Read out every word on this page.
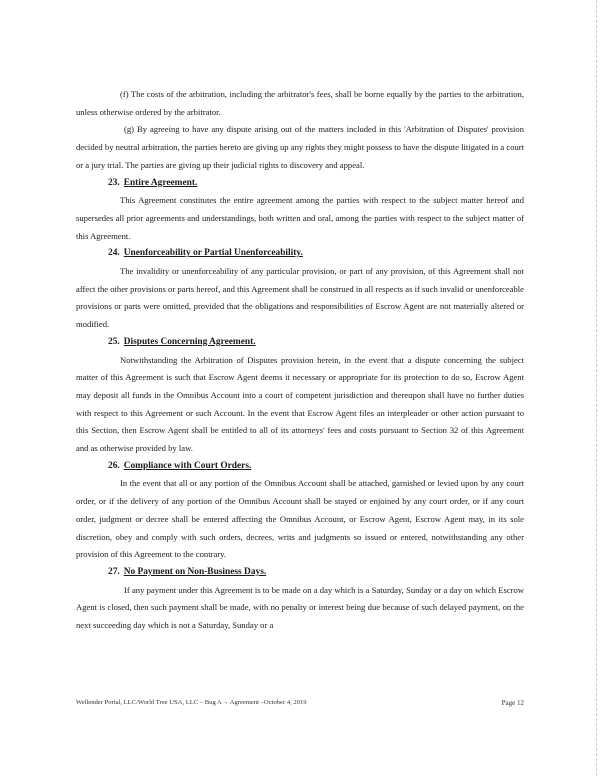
(f) The costs of the arbitration, including the arbitrator's fees, shall be borne equally by the parties to the arbitration, unless otherwise ordered by the arbitrator.

(g) By agreeing to have any dispute arising out of the matters included in this 'Arbitration of Disputes' provision decided by neutral arbitration, the parties hereto are giving up any rights they might possess to have the dispute litigated in a court or a jury trial. The parties are giving up their judicial rights to discovery and appeal.

23. Entire Agreement.

This Agreement constitutes the entire agreement among the parties with respect to the subject matter hereof and supersedes all prior agreements and understandings, both written and oral, among the parties with respect to the subject matter of this Agreement.

24. Unenforceability or Partial Unenforceability.

The invalidity or unenforceability of any particular provision, or part of any provision, of this Agreement shall not affect the other provisions or parts hereof, and this Agreement shall be construed in all respects as if such invalid or unenforceable provisions or parts were omitted, provided that the obligations and responsibilities of Escrow Agent are not materially altered or modified.

25. Disputes Concerning Agreement.

Notwithstanding the Arbitration of Disputes provision herein, in the event that a dispute concerning the subject matter of this Agreement is such that Escrow Agent deems it necessary or appropriate for its protection to do so, Escrow Agent may deposit all funds in the Omnibus Account into a court of competent jurisdiction and thereupon shall have no further duties with respect to this Agreement or such Account. In the event that Escrow Agent files an interpleader or other action pursuant to this Section, then Escrow Agent shall be entitled to all of its attorneys' fees and costs pursuant to Section 32 of this Agreement and as otherwise provided by law.

26. Compliance with Court Orders.

In the event that all or any portion of the Omnibus Account shall be attached, garnished or levied upon by any court order, or if the delivery of any portion of the Omnibus Account shall be stayed or enjoined by any court order, or if any court order, judgment or decree shall be entered affecting the Omnibus Account, or Escrow Agent, Escrow Agent may, in its sole discretion, obey and comply with such orders, decrees, writs and judgments so issued or entered, notwithstanding any other provision of this Agreement to the contrary.

27. No Payment on Non-Business Days.

If any payment under this Agreement is to be made on a day which is a Saturday, Sunday or a day on which Escrow Agent is closed, then such payment shall be made, with no penalty or interest being due because of such delayed payment, on the next succeeding day which is not a Saturday, Sunday or a

Wellender Portal, LLC/World Tree USA, LLC – Bug A→ Agreement –October 4, 2019	Page 12
